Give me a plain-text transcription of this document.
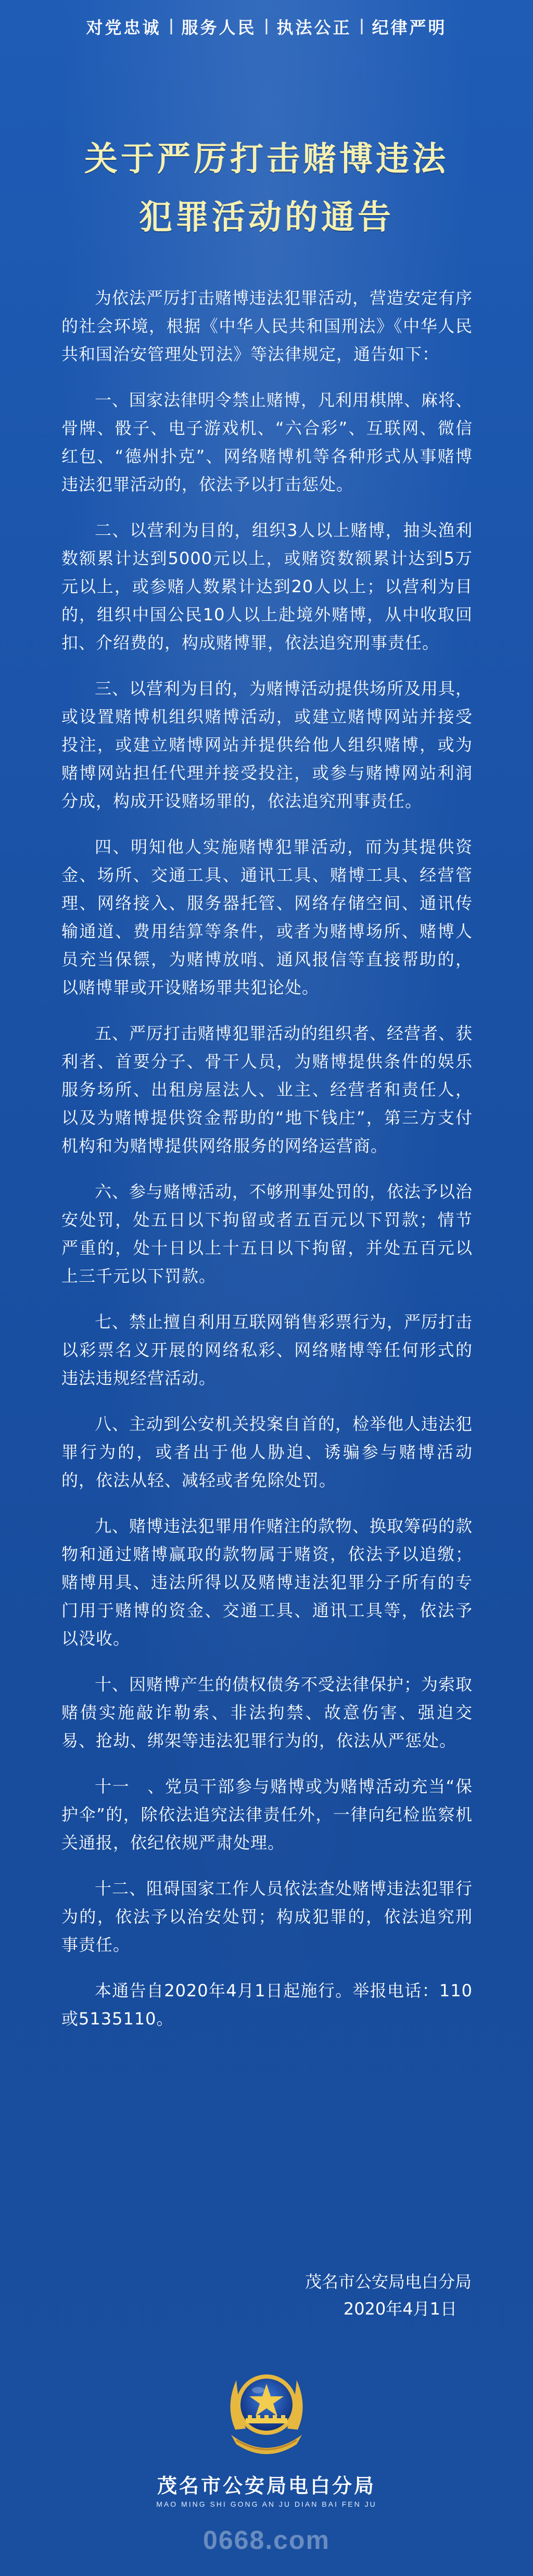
对党忠诚 服务人民 执法公正 纪律严明
关于严厉打击赌博违法
犯罪活动的通告

为依法严厉打击赌博违法犯罪活动，营造安定有序的社会环境，根据《中华人民共和国刑法》《中华人民共和国治安管理处罚法》等法律规定，通告如下：

一、国家法律明令禁止赌博，凡利用棋牌、麻将、骨牌、骰子、电子游戏机、“六合彩”、互联网、微信红包、“德州扑克”、网络赌博机等各种形式从事赌博违法犯罪活动的，依法予以打击惩处。

二、以营利为目的，组织3人以上赌博，抽头渔利数额累计达到5000元以上，或赌资数额累计达到5万元以上，或参赌人数累计达到20人以上；以营利为目的，组织中国公民10人以上赴境外赌博，从中收取回扣、介绍费的，构成赌博罪，依法追究刑事责任。

三、以营利为目的，为赌博活动提供场所及用具，或设置赌博机组织赌博活动，或建立赌博网站并接受投注，或建立赌博网站并提供给他人组织赌博，或为赌博网站担任代理并接受投注，或参与赌博网站利润分成，构成开设赌场罪的，依法追究刑事责任。

四、明知他人实施赌博犯罪活动，而为其提供资金、场所、交通工具、通讯工具、赌博工具、经营管理、网络接入、服务器托管、网络存储空间、通讯传输通道、费用结算等条件，或者为赌博场所、赌博人员充当保镖，为赌博放哨、通风报信等直接帮助的，以赌博罪或开设赌场罪共犯论处。

五、严厉打击赌博犯罪活动的组织者、经营者、获利者、首要分子、骨干人员，为赌博提供条件的娱乐服务场所、出租房屋法人、业主、经营者和责任人，以及为赌博提供资金帮助的“地下钱庄”，第三方支付机构和为赌博提供网络服务的网络运营商。

六、参与赌博活动，不够刑事处罚的，依法予以治安处罚，处五日以下拘留或者五百元以下罚款；情节严重的，处十日以上十五日以下拘留，并处五百元以上三千元以下罚款。

七、禁止擅自利用互联网销售彩票行为，严厉打击以彩票名义开展的网络私彩、网络赌博等任何形式的违法违规经营活动。

八、主动到公安机关投案自首的，检举他人违法犯罪行为的，或者出于他人胁迫、诱骗参与赌博活动的，依法从轻、减轻或者免除处罚。

九、赌博违法犯罪用作赌注的款物、换取筹码的款物和通过赌博赢取的款物属于赌资，依法予以追缴；赌博用具、违法所得以及赌博违法犯罪分子所有的专门用于赌博的资金、交通工具、通讯工具等，依法予以没收。

十、因赌博产生的债权债务不受法律保护；为索取赌债实施敲诈勒索、非法拘禁、故意伤害、强迫交易、抢劫、绑架等违法犯罪行为的，依法从严惩处。

十一　、党员干部参与赌博或为赌博活动充当“保护伞”的，除依法追究法律责任外，一律向纪检监察机关通报，依纪依规严肃处理。

十二、阻碍国家工作人员依法查处赌博违法犯罪行为的，依法予以治安处罚；构成犯罪的，依法追究刑事责任。

本通告自2020年4月1日起施行。举报电话：110或5135110。

茂名市公安局电白分局
2020年4月1日
茂名市公安局电白分局
MAO MING SHI GONG AN JU DIAN BAI FEN JU
0668.com
